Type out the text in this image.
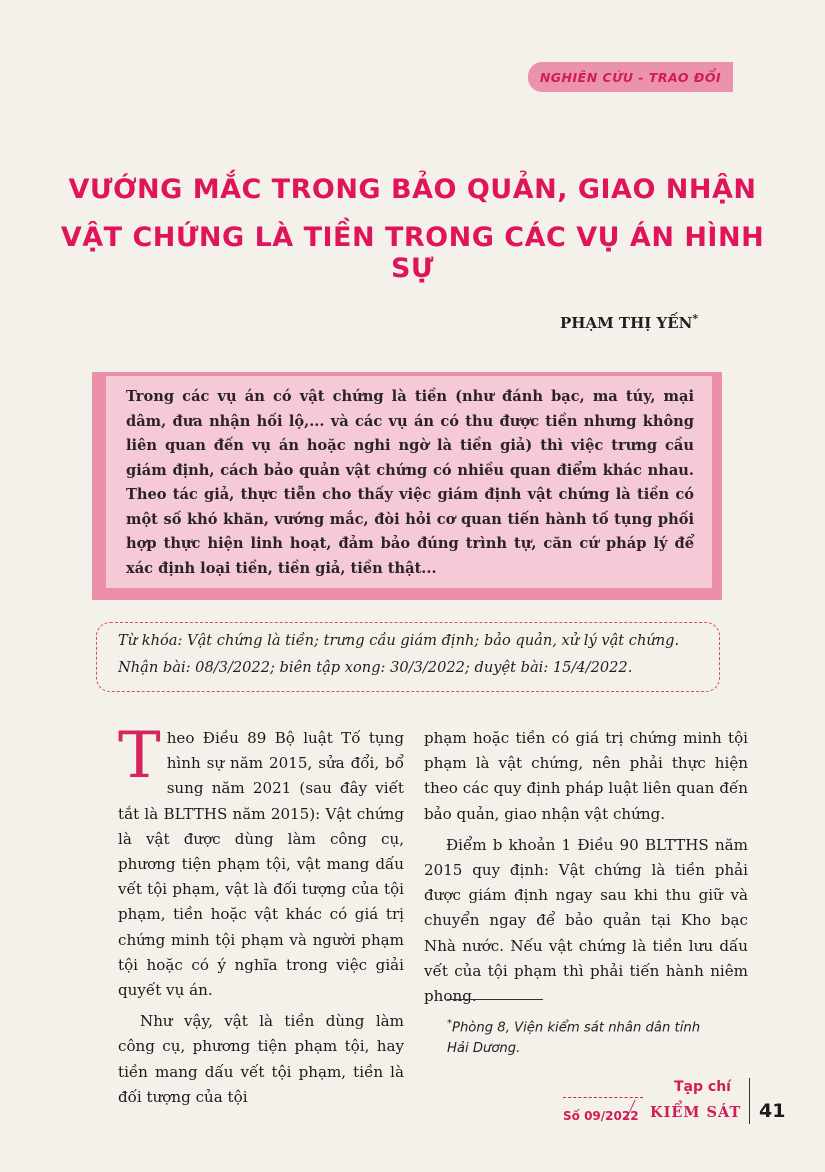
NGHIÊN CỨU - TRAO ĐỔI
VƯỚNG MẮC TRONG BẢO QUẢN, GIAO NHẬN
VẬT CHỨNG LÀ TIỀN TRONG CÁC VỤ ÁN HÌNH SỰ
PHẠM THỊ YẾN*
Trong các vụ án có vật chứng là tiền (như đánh bạc, ma túy, mại dâm, đưa nhận hối lộ,... và các vụ án có thu được tiền nhưng không liên quan đến vụ án hoặc nghi ngờ là tiền giả) thì việc trưng cầu giám định, cách bảo quản vật chứng có nhiều quan điểm khác nhau. Theo tác giả, thực tiễn cho thấy việc giám định vật chứng là tiền có một số khó khăn, vướng mắc, đòi hỏi cơ quan tiến hành tố tụng phối hợp thực hiện linh hoạt, đảm bảo đúng trình tự, căn cứ pháp lý để xác định loại tiền, tiền giả, tiền thật...
Từ khóa: Vật chứng là tiền; trưng cầu giám định; bảo quản, xử lý vật chứng.
Nhận bài: 08/3/2022; biên tập xong: 30/3/2022; duyệt bài: 15/4/2022.

Theo Điều 89 Bộ luật Tố tụng hình sự năm 2015, sửa đổi, bổ sung năm 2021 (sau đây viết tắt là BLTTHS năm 2015): Vật chứng là vật được dùng làm công cụ, phương tiện phạm tội, vật mang dấu vết tội phạm, vật là đối tượng của tội phạm, tiền hoặc vật khác có giá trị chứng minh tội phạm và người phạm tội hoặc có ý nghĩa trong việc giải quyết vụ án.

Như vậy, vật là tiền dùng làm công cụ, phương tiện phạm tội, hay tiền mang dấu vết tội phạm, tiền là đối tượng của tội

phạm hoặc tiền có giá trị chứng minh tội phạm là vật chứng, nên phải thực hiện theo các quy định pháp luật liên quan đến bảo quản, giao nhận vật chứng.

Điểm b khoản 1 Điều 90 BLTTHS năm 2015 quy định: Vật chứng là tiền phải được giám định ngay sau khi thu giữ và chuyển ngay để bảo quản tại Kho bạc Nhà nước. Nếu vật chứng là tiền lưu dấu vết của tội phạm thì phải tiến hành niêm phong.

*Phòng 8, Viện kiểm sát nhân dân tỉnh
Hải Dương.
Tạp chí
Số 09/2022 KIỂM SÁT 41
